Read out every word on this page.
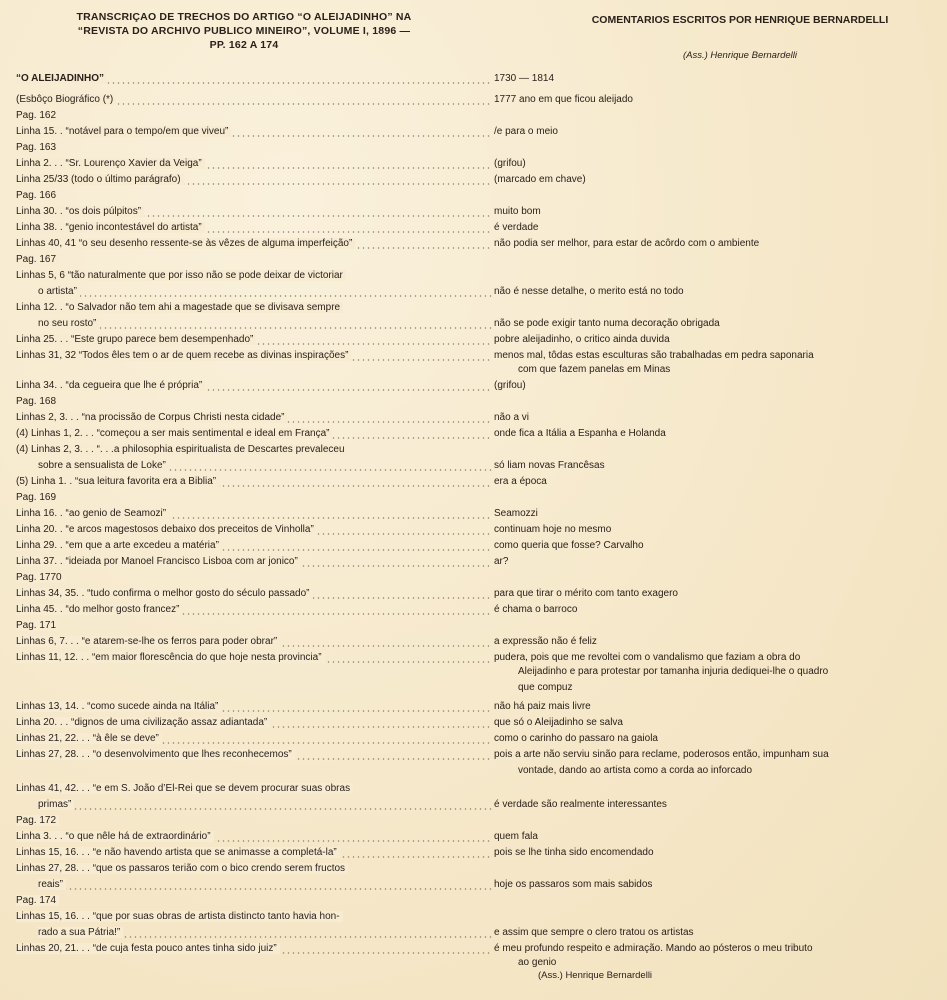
TRANSCRIÇAO DE TRECHOS DO ARTIGO “O ALEIJADINHO” NA
“REVISTA DO ARCHIVO PUBLICO MINEIRO”, VOLUME I, 1896 —
PP. 162 A 174
COMENTARIOS ESCRITOS POR HENRIQUE BERNARDELLI
(Ass.) Henrique Bernardelli
“O ALEIJADINHO”	1730 — 1814
(Esbôço Biográfico (*)	1777 ano em que ficou aleijado
Pag. 162
Linha 15. . “notável para o tempo/em que viveu”	/e para o meio
Pag. 163
Linha 2. . . “Sr. Lourenço Xavier da Veiga”	(grifou)
Linha 25/33 (todo o último parágrafo)	(marcado em chave)
Pag. 166
Linha 30. . “os dois púlpitos”	muito bom
Linha 38. . “genio incontestável do artista”	é verdade
Linhas 40, 41 “o seu desenho ressente-se às vêzes de alguma imperfeição”	não podia ser melhor, para estar de acôrdo com o ambiente
Pag. 167
Linhas 5, 6 “tão naturalmente que por isso não se pode deixar de victoriar
o artista”	não é nesse detalhe, o merito está no todo
Linha 12. . “o Salvador não tem ahi a magestade que se divisava sempre
no seu rosto”	não se pode exigir tanto numa decoração obrigada
Linha 25. . . “Este grupo parece bem desempenhado”	pobre aleijadinho, o critico ainda duvida
Linhas 31, 32 “Todos êles tem o ar de quem recebe as divinas inspirações”	menos mal, tôdas estas esculturas são trabalhadas em pedra saponaria
com que fazem panelas em Minas
Linha 34. . “da cegueira que lhe é própria”	(grifou)
Pag. 168
Linhas 2, 3. . . “na procissão de Corpus Christi nesta cidade”	não a vi
(4) Linhas 1, 2. . . “começou a ser mais sentimental e ideal em França”	onde fica a Itália a Espanha e Holanda
(4) Linhas 2, 3. . . “. . .a philosophia espiritualista de Descartes prevaleceu
sobre a sensualista de Loke”	só liam novas Francêsas
(5) Linha 1. . “sua leitura favorita era a Biblia”	era a época
Pag. 169
Linha 16. . “ao genio de Seamozi”	Seamozzi
Linha 20. . “e arcos magestosos debaixo dos preceitos de Vinholla”	continuam hoje no mesmo
Linha 29. . “em que a arte excedeu a matéria”	como queria que fosse? Carvalho
Linha 37. . “ideiada por Manoel Francisco Lisboa com ar jonico”	ar?
Pag. 1770
Linhas 34, 35. . “tudo confirma o melhor gosto do século passado”	para que tirar o mérito com tanto exagero
Linha 45. . “do melhor gosto francez”	é chama o barroco
Pag. 171
Linhas 6, 7. . . “e atarem-se-lhe os ferros para poder obrar”	a expressão não é feliz
Linhas 11, 12. . . “em maior florescência do que hoje nesta provincia”	pudera, pois que me revoltei com o vandalismo que faziam a obra do
Aleijadinho e para protestar por tamanha injuria dediquei-lhe o quadro
que compuz
Linhas 13, 14. . “como sucede ainda na Itália”	não há paiz mais livre
Linha 20. . . “dignos de uma civilização assaz adiantada”	que só o Aleijadinho se salva
Linhas 21, 22. . . “à êle se deve”	como o carinho do passaro na gaiola
Linhas 27, 28. . . “o desenvolvimento que lhes reconhecemos”	pois a arte não serviu sinão para reclame, poderosos então, impunham sua
vontade, dando ao artista como a corda ao inforcado
Linhas 41, 42. . . “e em S. João d’El-Rei que se devem procurar suas obras
primas”	é verdade são realmente interessantes
Pag. 172
Linha 3. . . “o que nêle há de extraordinário”	quem fala
Linhas 15, 16. . . “e não havendo artista que se animasse a completá-la”	pois se lhe tinha sido encomendado
Linhas 27, 28. . . “que os passaros terião com o bico crendo serem fructos
reais”	hoje os passaros som mais sabidos
Pag. 174
Linhas 15, 16. . . “que por suas obras de artista distincto tanto havia hon-
rado a sua Pátria!”	e assim que sempre o clero tratou os artistas
Linhas 20, 21. . . “de cuja festa pouco antes tinha sido juiz”	é meu profundo respeito e admiração. Mando ao pósteros o meu tributo
ao genio
(Ass.) Henrique Bernardelli
